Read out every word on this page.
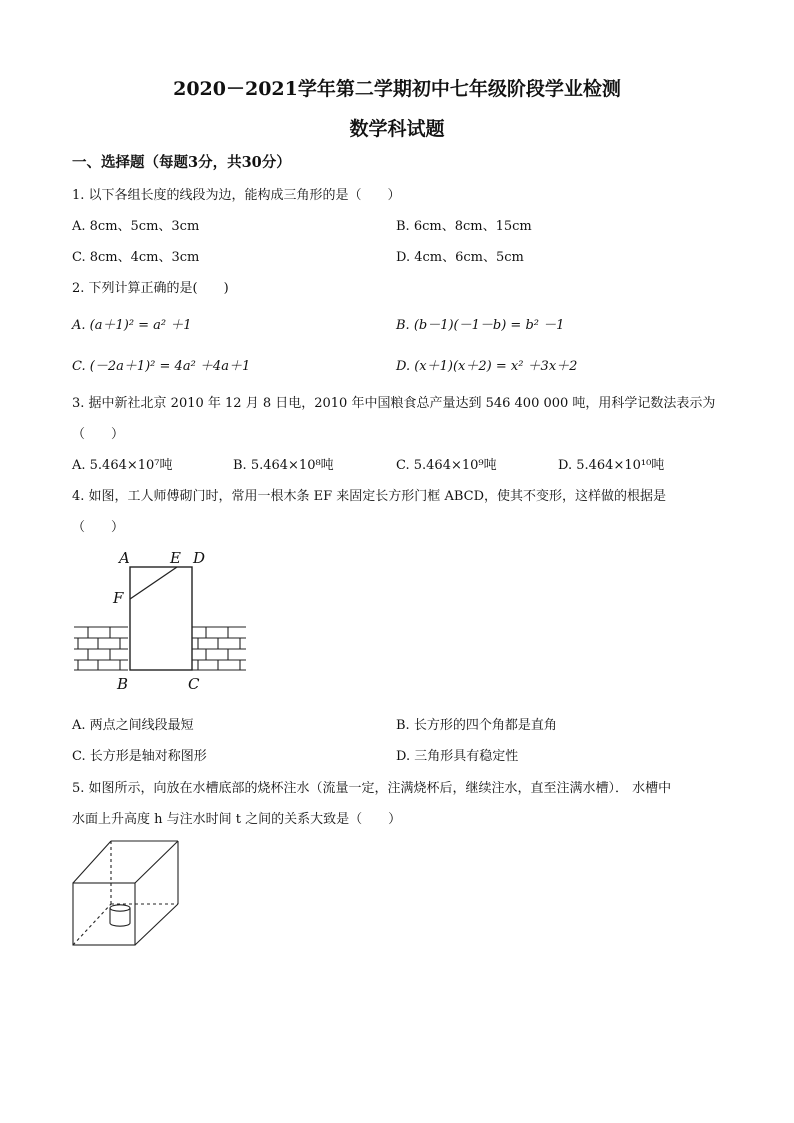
2020－2021学年第二学期初中七年级阶段学业检测
数学科试题
一、选择题（每题3分，共30分）
1. 以下各组长度的线段为边，能构成三角形的是（　　）
A. 8cm、5cm、3cm	B. 6cm、8cm、15cm
C. 8cm、4cm、3cm	D. 4cm、6cm、5cm
2. 下列计算正确的是(　　)
A. (a＋1)² = a² ＋1	B. (b－1)(－1－b) = b² －1
C. (－2a＋1)² = 4a² ＋4a＋1	D. (x＋1)(x＋2) = x² ＋3x＋2
3. 据中新社北京 2010 年 12 月 8 日电，2010 年中国粮食总产量达到 546 400 000 吨，用科学记数法表示为
（　　）
A. 5.464×10⁷吨	B. 5.464×10⁸吨	C. 5.464×10⁹吨	D. 5.464×10¹⁰吨
4. 如图，工人师傅砌门时，常用一根木条 EF 来固定长方形门框 ABCD，使其不变形，这样做的根据是
（　　）
A	E D
F
B	C
A. 两点之间线段最短	B. 长方形的四个角都是直角
C. 长方形是轴对称图形	D. 三角形具有稳定性
5. 如图所示，向放在水槽底部的烧杯注水（流量一定，注满烧杯后，继续注水，直至注满水槽）． 水槽中
水面上升高度 h 与注水时间 t 之间的关系大致是（　　）
